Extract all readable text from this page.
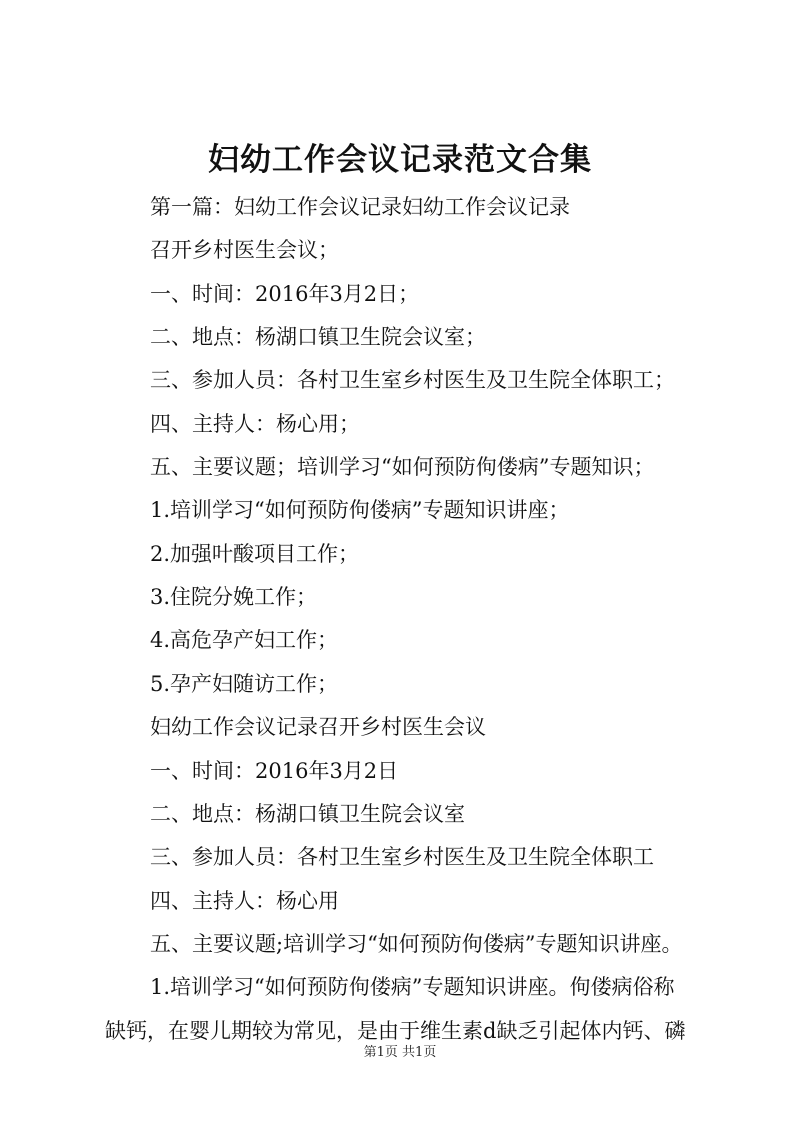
妇幼工作会议记录范文合集
第一篇：妇幼工作会议记录妇幼工作会议记录
召开乡村医生会议；
一、时间：2016年3月2日；
二、地点：杨湖口镇卫生院会议室；
三、参加人员：各村卫生室乡村医生及卫生院全体职工；
四、主持人：杨心用；
五、主要议题；培训学习“如何预防佝偻病”专题知识；
1.培训学习“如何预防佝偻病”专题知识讲座；
2.加强叶酸项目工作；
3.住院分娩工作；
4.高危孕产妇工作；
5.孕产妇随访工作；
妇幼工作会议记录召开乡村医生会议
一、时间：2016年3月2日
二、地点：杨湖口镇卫生院会议室
三、参加人员：各村卫生室乡村医生及卫生院全体职工
四、主持人：杨心用
五、主要议题;培训学习“如何预防佝偻病”专题知识讲座。
1.培训学习“如何预防佝偻病”专题知识讲座。佝偻病俗称
缺钙，在婴儿期较为常见，是由于维生素d缺乏引起体内钙、磷
第1页 共1页
